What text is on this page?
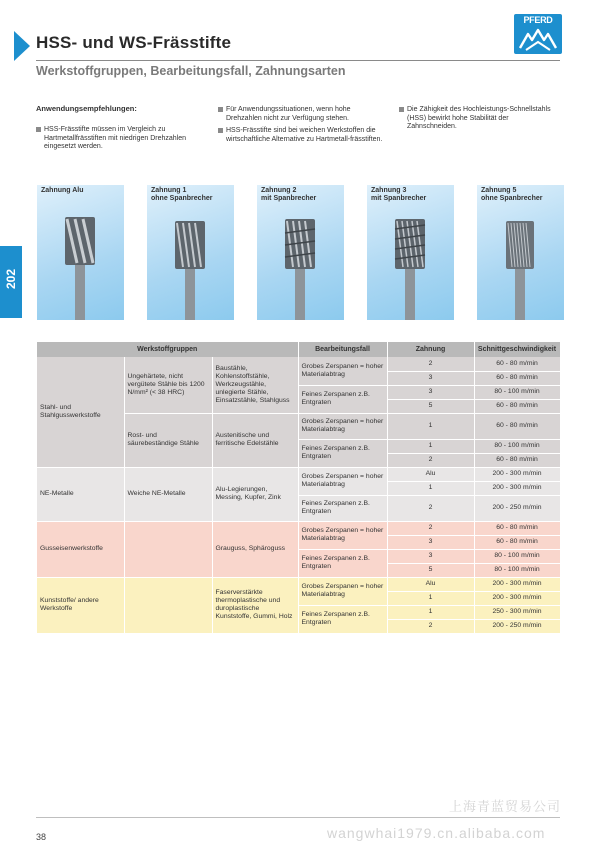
HSS- und WS-Frässtifte
Werkstoffgruppen, Bearbeitungsfall, Zahnungsarten
PFERD
202
Anwendungsempfehlungen:
HSS-Frässtifte müssen im Vergleich zu Hartmetallfrässtiften mit niedrigen Drehzahlen eingesetzt werden.
Für Anwendungssituationen, wenn hohe Drehzahlen nicht zur Verfügung stehen.
HSS-Frässtifte sind bei weichen Werkstoffen die wirtschaftliche Alternative zu Hartmetall-frässtiften.
Die Zähigkeit des Hochleistungs-Schnellstahls (HSS) bewirkt hohe Stabilität der Zahnschneiden.
Zahnung Alu	Zahnung 1
ohne Spanbrecher
Zahnung 2
mit Spanbrecher
Zahnung 3
mit Spanbrecher
Zahnung 5
ohne Spanbrecher
Werkstoffgruppen			Bearbeitungsfall	Zahnung	Schnittgeschwindigkeit
Stahl- und Stahlgusswerkstoffe	Ungehärtete, nicht vergütete Stähle bis 1200 N/mm² (< 38 HRC)	Baustähle, Kohlenstoffstähle, Werkzeugstähle, unlegierte Stähle, Einsatzstähle, Stahlguss	Grobes Zerspanen = hoher Materialabtrag	2	60 - 80 m/min
				3	60 - 80 m/min
			Feines Zerspanen z.B. Entgraten	3	80 - 100 m/min
				5	60 - 80 m/min
	Rost- und säurebeständige Stähle	Austenitische und ferritische Edelstähle	Grobes Zerspanen = hoher Materialabtrag	1	60 - 80 m/min
			Feines Zerspanen z.B. Entgraten	1	80 - 100 m/min
				2	60 - 80 m/min
NE-Metalle	Weiche NE-Metalle	Alu-Legierungen, Messing, Kupfer, Zink	Grobes Zerspanen = hoher Materialabtrag	Alu	200 - 300 m/min
				1	200 - 300 m/min
			Feines Zerspanen z.B. Entgraten	2	200 - 250 m/min
Gusseisenwerkstoffe		Grauguss, Sphäroguss	Grobes Zerspanen = hoher Materialabtrag	2	60 - 80 m/min
				3	60 - 80 m/min
			Feines Zerspanen z.B. Entgraten	3	80 - 100 m/min
				5	80 - 100 m/min
Kunststoffe/ andere Werkstoffe		Faserverstärkte thermoplastische und duroplastische Kunststoffe, Gummi, Holz	Grobes Zerspanen = hoher Materialabtrag	Alu	200 - 300 m/min
				1	200 - 300 m/min
			Feines Zerspanen z.B. Entgraten	1	250 - 300 m/min
				2	200 - 250 m/min
上海青蓝贸易公司
wangwhai1979.cn.alibaba.com
38
